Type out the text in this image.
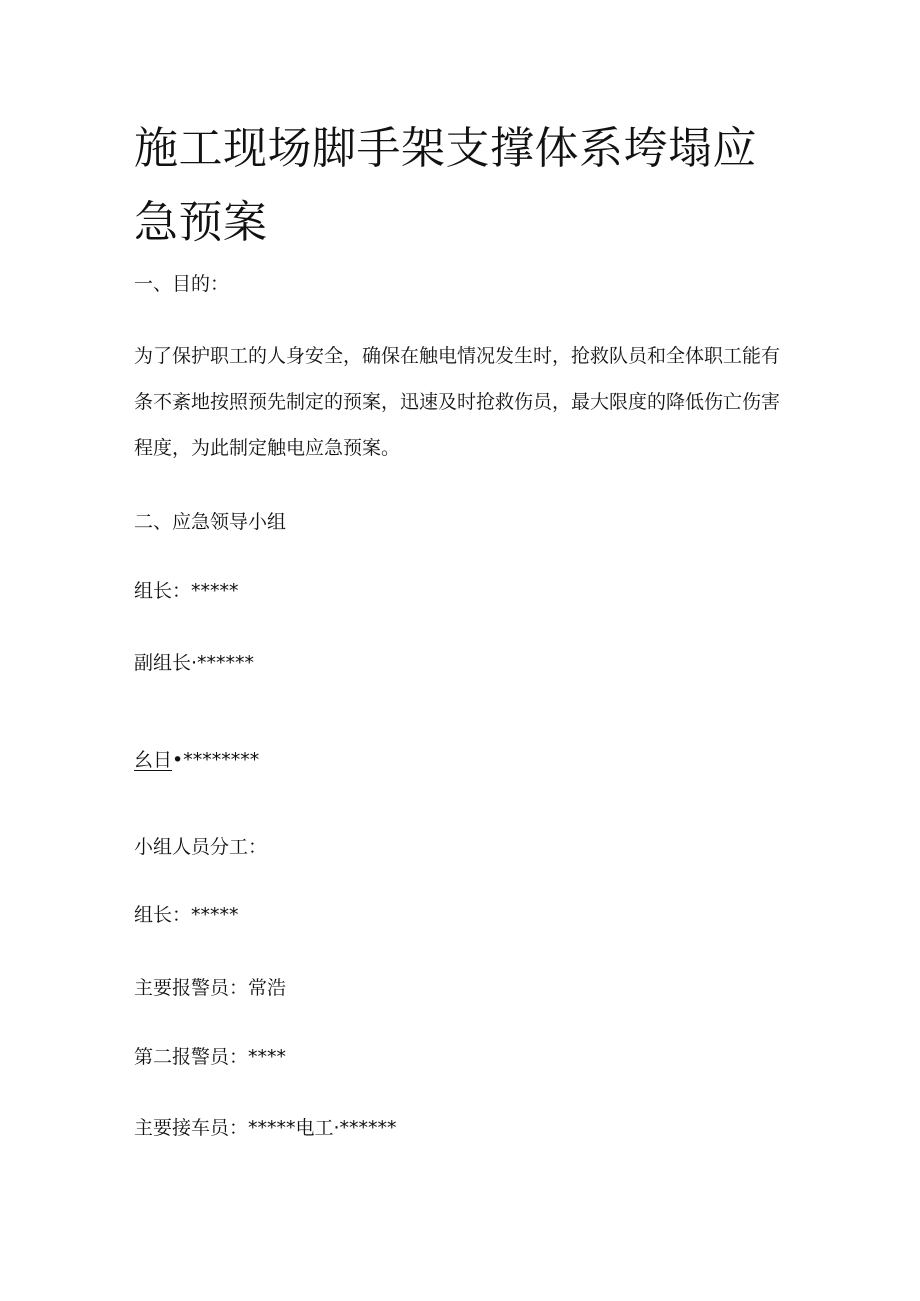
施工现场脚手架支撑体系垮塌应急预案

一、目的：

为了保护职工的人身安全，确保在触电情况发生时，抢救队员和全体职工能有条不紊地按照预先制定的预案，迅速及时抢救伤员，最大限度的降低伤亡伤害程度，为此制定触电应急预案。

二、应急领导小组

组长：*****

副组长·******

幺日•********

小组人员分工：

组长：*****

主要报警员：常浩

第二报警员：****

主要接车员：*****电工·******
